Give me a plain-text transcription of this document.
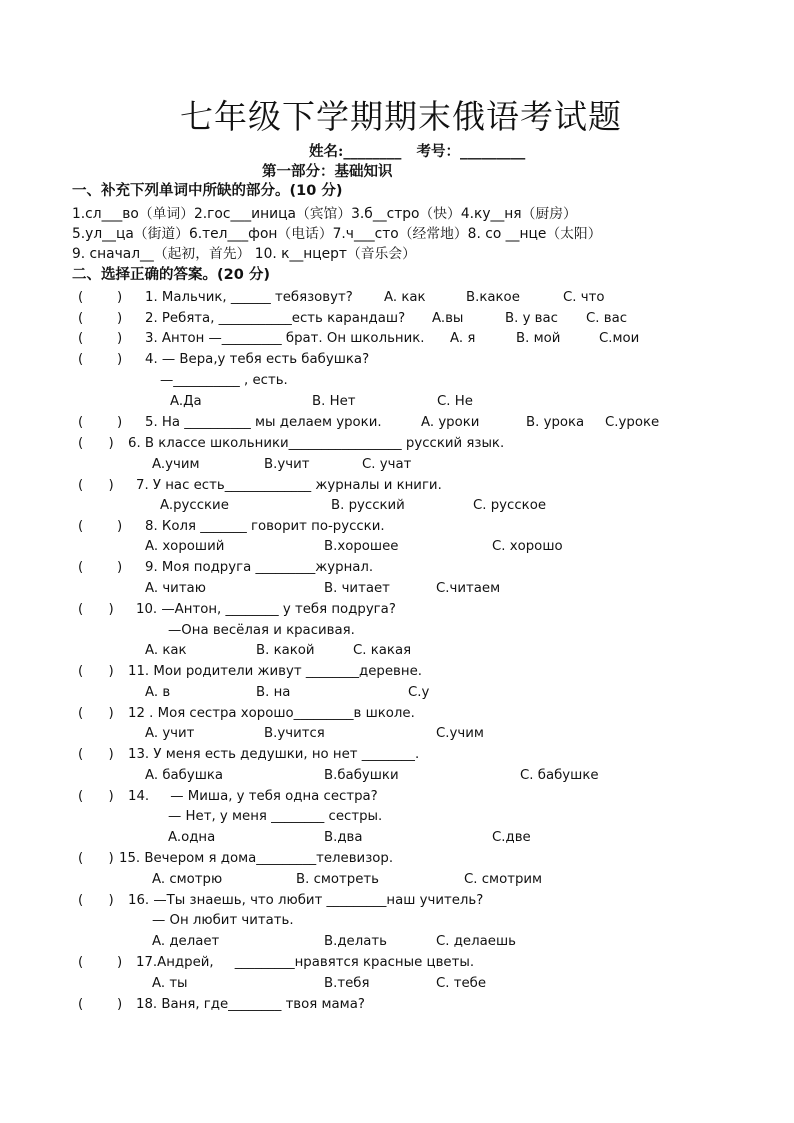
七年级下学期期末俄语考试题
姓名:________   考号：_________
第一部分：基础知识
一、补充下列单词中所缺的部分。(10 分)
1.сл___во（单词）2.гос___иница（宾馆）3.б__стро（快）4.ку__ня（厨房）
5.ул__ца（街道）6.тел___фон（电话）7.ч___сто（经常地）8. со __нце（太阳）
9. сначал__（起初，首先） 10. к__нцерт（音乐会）
二、选择正确的答案。(20 分)
(        ) 1. Мальчик, ______ тебязовут? A. как	B.какое	C. что
(        ) 2. Ребята, ___________есть карандаш? A.вы	B. у вас C. вас
(        ) 3. Антон —_________ брат. Он школьник. A. я	B. мой	C.мои
(        ) 4. — Вера,у тебя есть бабушка?
—__________ , есть.
A.Да	B. Нет	C. Не
(        ) 5. На __________ мы делаем уроки.	A. уроки	B. урока C.уроке
(      ) 6. В классе школьники_________________ русский язык.
A.учим	B.учит	C. учат
(      ) 7. У нас есть_____________ журналы и книги.
A.русские	B. русский	C. русское
(        ) 8. Коля _______ говорит по-русски.
A. хороший	B.хорошее	C. хорошо
(        ) 9. Моя подруга _________журнал.
A. читаю	B. читает	C.читаем
(      ) 10. —Антон, ________ у тебя подруга?
—Она весёлая и красивая.
A. как	B. какой	C. какая
(      ) 11. Мои родители живут ________деревне.
A. в	B. на	C.у
(      ) 12 . Моя сестра хорошо_________в школе.
A. учит	B.учится	C.учим
(      ) 13. У меня есть дедушки, но нет ________.
A. бабушка	B.бабушки	C. бабушке
(      ) 14.     — Миша, у тебя одна сестра?
— Нет, у меня ________ сестры.
A.одна	B.два	C.две
(      ) 15. Вечером я дома_________телевизор.
A. смотрю	B. смотреть	C. смотрим
(      ) 16. —Ты знаешь, что любит _________наш учитель?
— Он любит читать.
A. делает	B.делать	C. делаешь
(        ) 17.Андрей,     _________нравятся красные цветы.
A. ты	B.тебя	C. тебе
(        ) 18. Ваня, где________ твоя мама?
